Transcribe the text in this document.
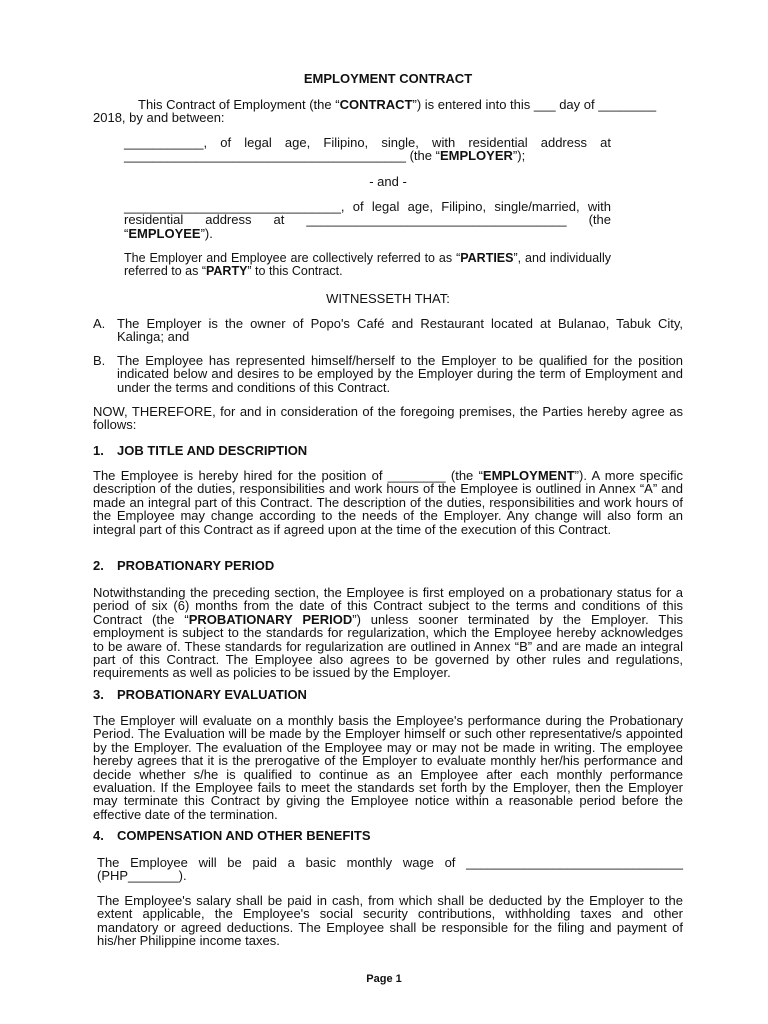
EMPLOYMENT CONTRACT

This Contract of Employment (the “CONTRACT”) is entered into this ___ day of ________

2018, by and between:

___________, of legal age, Filipino, single, with residential address at

_______________________________________ (the “EMPLOYER”);

- and -

______________________________, of legal age, Filipino, single/married, with

residential address at ____________________________________ (the

“EMPLOYEE”).

The Employer and Employee are collectively referred to as “PARTIES”, and individually referred to as “PARTY” to this Contract.

WITNESSETH THAT:

A. The Employer is the owner of Popo's Café and Restaurant located at Bulanao, Tabuk City, Kalinga; and

B. The Employee has represented himself/herself to the Employer to be qualified for the position indicated below and desires to be employed by the Employer during the term of Employment and under the terms and conditions of this Contract.

NOW, THEREFORE, for and in consideration of the foregoing premises, the Parties hereby agree as follows:

1. JOB TITLE AND DESCRIPTION

The Employee is hereby hired for the position of ________ (the “EMPLOYMENT”). A more specific description of the duties, responsibilities and work hours of the Employee is outlined in Annex “A” and made an integral part of this Contract. The description of the duties, responsibilities and work hours of the Employee may change according to the needs of the Employer. Any change will also form an integral part of this Contract as if agreed upon at the time of the execution of this Contract.

2. PROBATIONARY PERIOD

Notwithstanding the preceding section, the Employee is first employed on a probationary status for a period of six (6) months from the date of this Contract subject to the terms and conditions of this Contract (the “PROBATIONARY PERIOD”) unless sooner terminated by the Employer. This employment is subject to the standards for regularization, which the Employee hereby acknowledges to be aware of. These standards for regularization are outlined in Annex “B” and are made an integral part of this Contract. The Employee also agrees to be governed by other rules and regulations, requirements as well as policies to be issued by the Employer.

3. PROBATIONARY EVALUATION

The Employer will evaluate on a monthly basis the Employee's performance during the Probationary Period. The Evaluation will be made by the Employer himself or such other representative/s appointed by the Employer. The evaluation of the Employee may or may not be made in writing. The employee hereby agrees that it is the prerogative of the Employer to evaluate monthly her/his performance and decide whether s/he is qualified to continue as an Employee after each monthly performance evaluation. If the Employee fails to meet the standards set forth by the Employer, then the Employer may terminate this Contract by giving the Employee notice within a reasonable period before the effective date of the termination.

4. COMPENSATION AND OTHER BENEFITS

The Employee will be paid a basic monthly wage of ______________________________ (PHP_______).

The Employee's salary shall be paid in cash, from which shall be deducted by the Employer to the extent applicable, the Employee's social security contributions, withholding taxes and other mandatory or agreed deductions. The Employee shall be responsible for the filing and payment of his/her Philippine income taxes.

Page 1
